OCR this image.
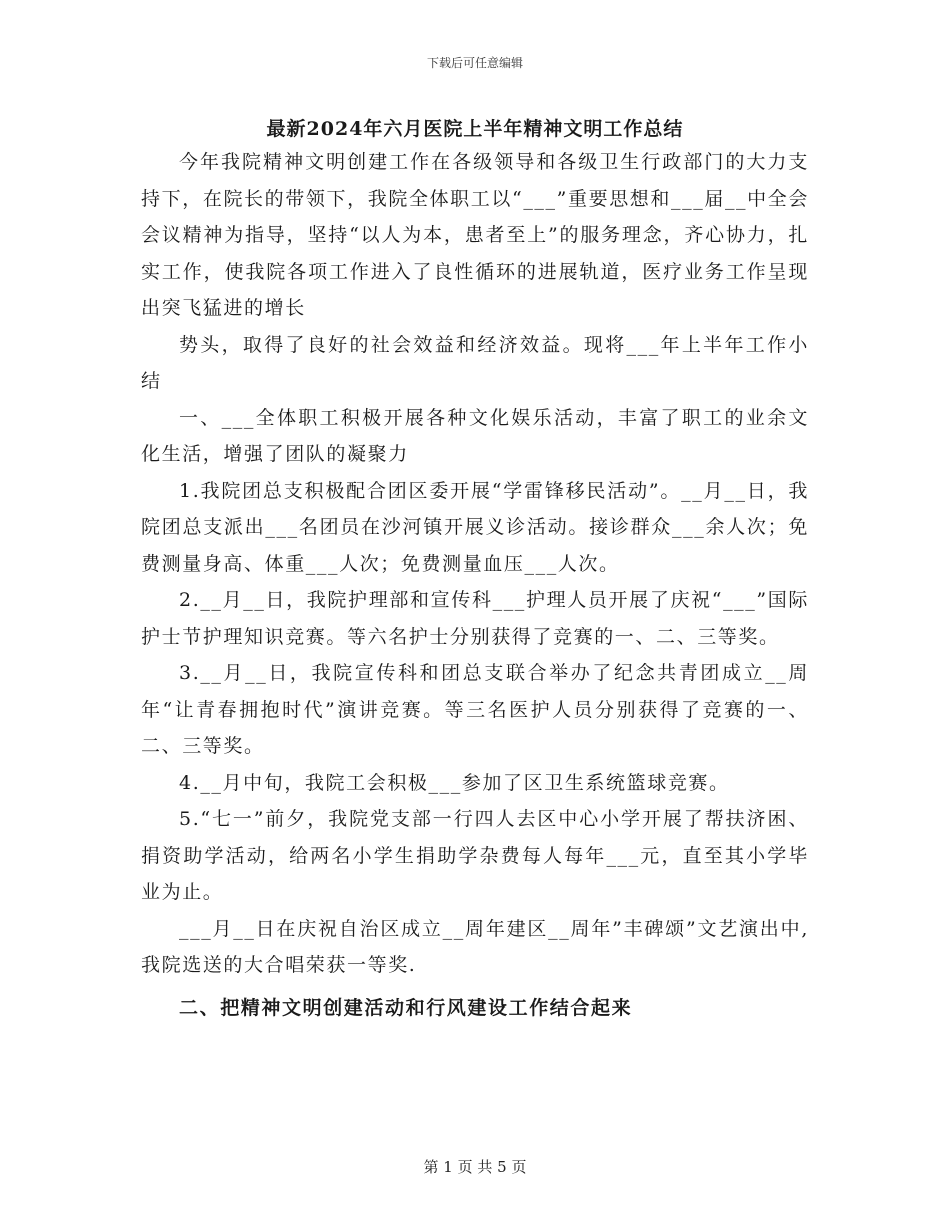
下载后可任意编辑
最新2024年六月医院上半年精神文明工作总结

今年我院精神文明创建工作在各级领导和各级卫生行政部门的大力支持下，在院长的带领下，我院全体职工以“___”重要思想和___届__中全会会议精神为指导，坚持“以人为本，患者至上”的服务理念，齐心协力，扎实工作，使我院各项工作进入了良性循环的进展轨道，医疗业务工作呈现出突飞猛进的增长

势头，取得了良好的社会效益和经济效益。现将___年上半年工作小结

一、___全体职工积极开展各种文化娱乐活动，丰富了职工的业余文化生活，增强了团队的凝聚力

1.我院团总支积极配合团区委开展“学雷锋移民活动”。__月__日，我院团总支派出___名团员在沙河镇开展义诊活动。接诊群众___余人次；免费测量身高、体重___人次；免费测量血压___人次。

2.__月__日，我院护理部和宣传科___护理人员开展了庆祝“___”国际护士节护理知识竞赛。等六名护士分别获得了竞赛的一、二、三等奖。

3.__月__日，我院宣传科和团总支联合举办了纪念共青团成立__周年“让青春拥抱时代”演讲竞赛。等三名医护人员分别获得了竞赛的一、二、三等奖。

4.__月中旬，我院工会积极___参加了区卫生系统篮球竞赛。

5.“七一”前夕，我院党支部一行四人去区中心小学开展了帮扶济困、捐资助学活动，给两名小学生捐助学杂费每人每年___元，直至其小学毕业为止。

___月__日在庆祝自治区成立__周年建区__周年”丰碑颂”文艺演出中,我院选送的大合唱荣获一等奖.

二、把精神文明创建活动和行风建设工作结合起来

第 1 页 共 5 页
